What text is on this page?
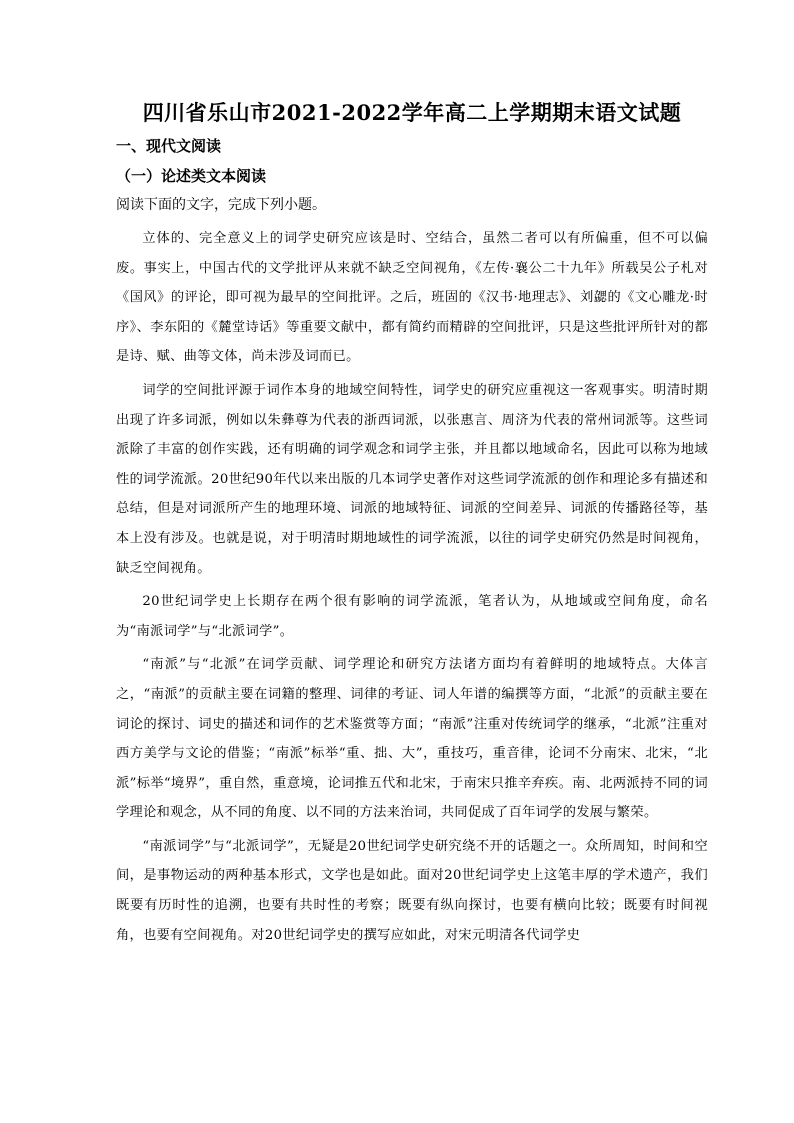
四川省乐山市2021-2022学年高二上学期期末语文试题
一、现代文阅读
（一）论述类文本阅读
阅读下面的文字，完成下列小题。

立体的、完全意义上的词学史研究应该是时、空结合，虽然二者可以有所偏重，但不可以偏废。事实上，中国古代的文学批评从来就不缺乏空间视角，《左传·襄公二十九年》所载吴公子札对《国风》的评论，即可视为最早的空间批评。之后，班固的《汉书·地理志》、刘勰的《文心雕龙·时序》、李东阳的《麓堂诗话》等重要文献中，都有简约而精辟的空间批评，只是这些批评所针对的都是诗、赋、曲等文体，尚未涉及词而已。

词学的空间批评源于词作本身的地域空间特性，词学史的研究应重视这一客观事实。明清时期出现了许多词派，例如以朱彝尊为代表的浙西词派，以张惠言、周济为代表的常州词派等。这些词派除了丰富的创作实践，还有明确的词学观念和词学主张，并且都以地域命名，因此可以称为地域性的词学流派。20世纪90年代以来出版的几本词学史著作对这些词学流派的创作和理论多有描述和总结，但是对词派所产生的地理环境、词派的地域特征、词派的空间差异、词派的传播路径等，基本上没有涉及。也就是说，对于明清时期地域性的词学流派，以往的词学史研究仍然是时间视角，缺乏空间视角。

20世纪词学史上长期存在两个很有影响的词学流派，笔者认为，从地域或空间角度，命名为“南派词学”与“北派词学”。

“南派”与“北派”在词学贡献、词学理论和研究方法诸方面均有着鲜明的地域特点。大体言之，“南派”的贡献主要在词籍的整理、词律的考证、词人年谱的编撰等方面，“北派”的贡献主要在词论的探讨、词史的描述和词作的艺术鉴赏等方面；“南派”注重对传统词学的继承，“北派”注重对西方美学与文论的借鉴；“南派”标举“重、拙、大”，重技巧，重音律，论词不分南宋、北宋，“北派”标举“境界”，重自然，重意境，论词推五代和北宋，于南宋只推辛弃疾。南、北两派持不同的词学理论和观念，从不同的角度、以不同的方法来治词，共同促成了百年词学的发展与繁荣。

“南派词学”与“北派词学”，无疑是20世纪词学史研究绕不开的话题之一。众所周知，时间和空间，是事物运动的两种基本形式，文学也是如此。面对20世纪词学史上这笔丰厚的学术遗产，我们既要有历时性的追溯，也要有共时性的考察；既要有纵向探讨，也要有横向比较；既要有时间视角，也要有空间视角。对20世纪词学史的撰写应如此，对宋元明清各代词学史
